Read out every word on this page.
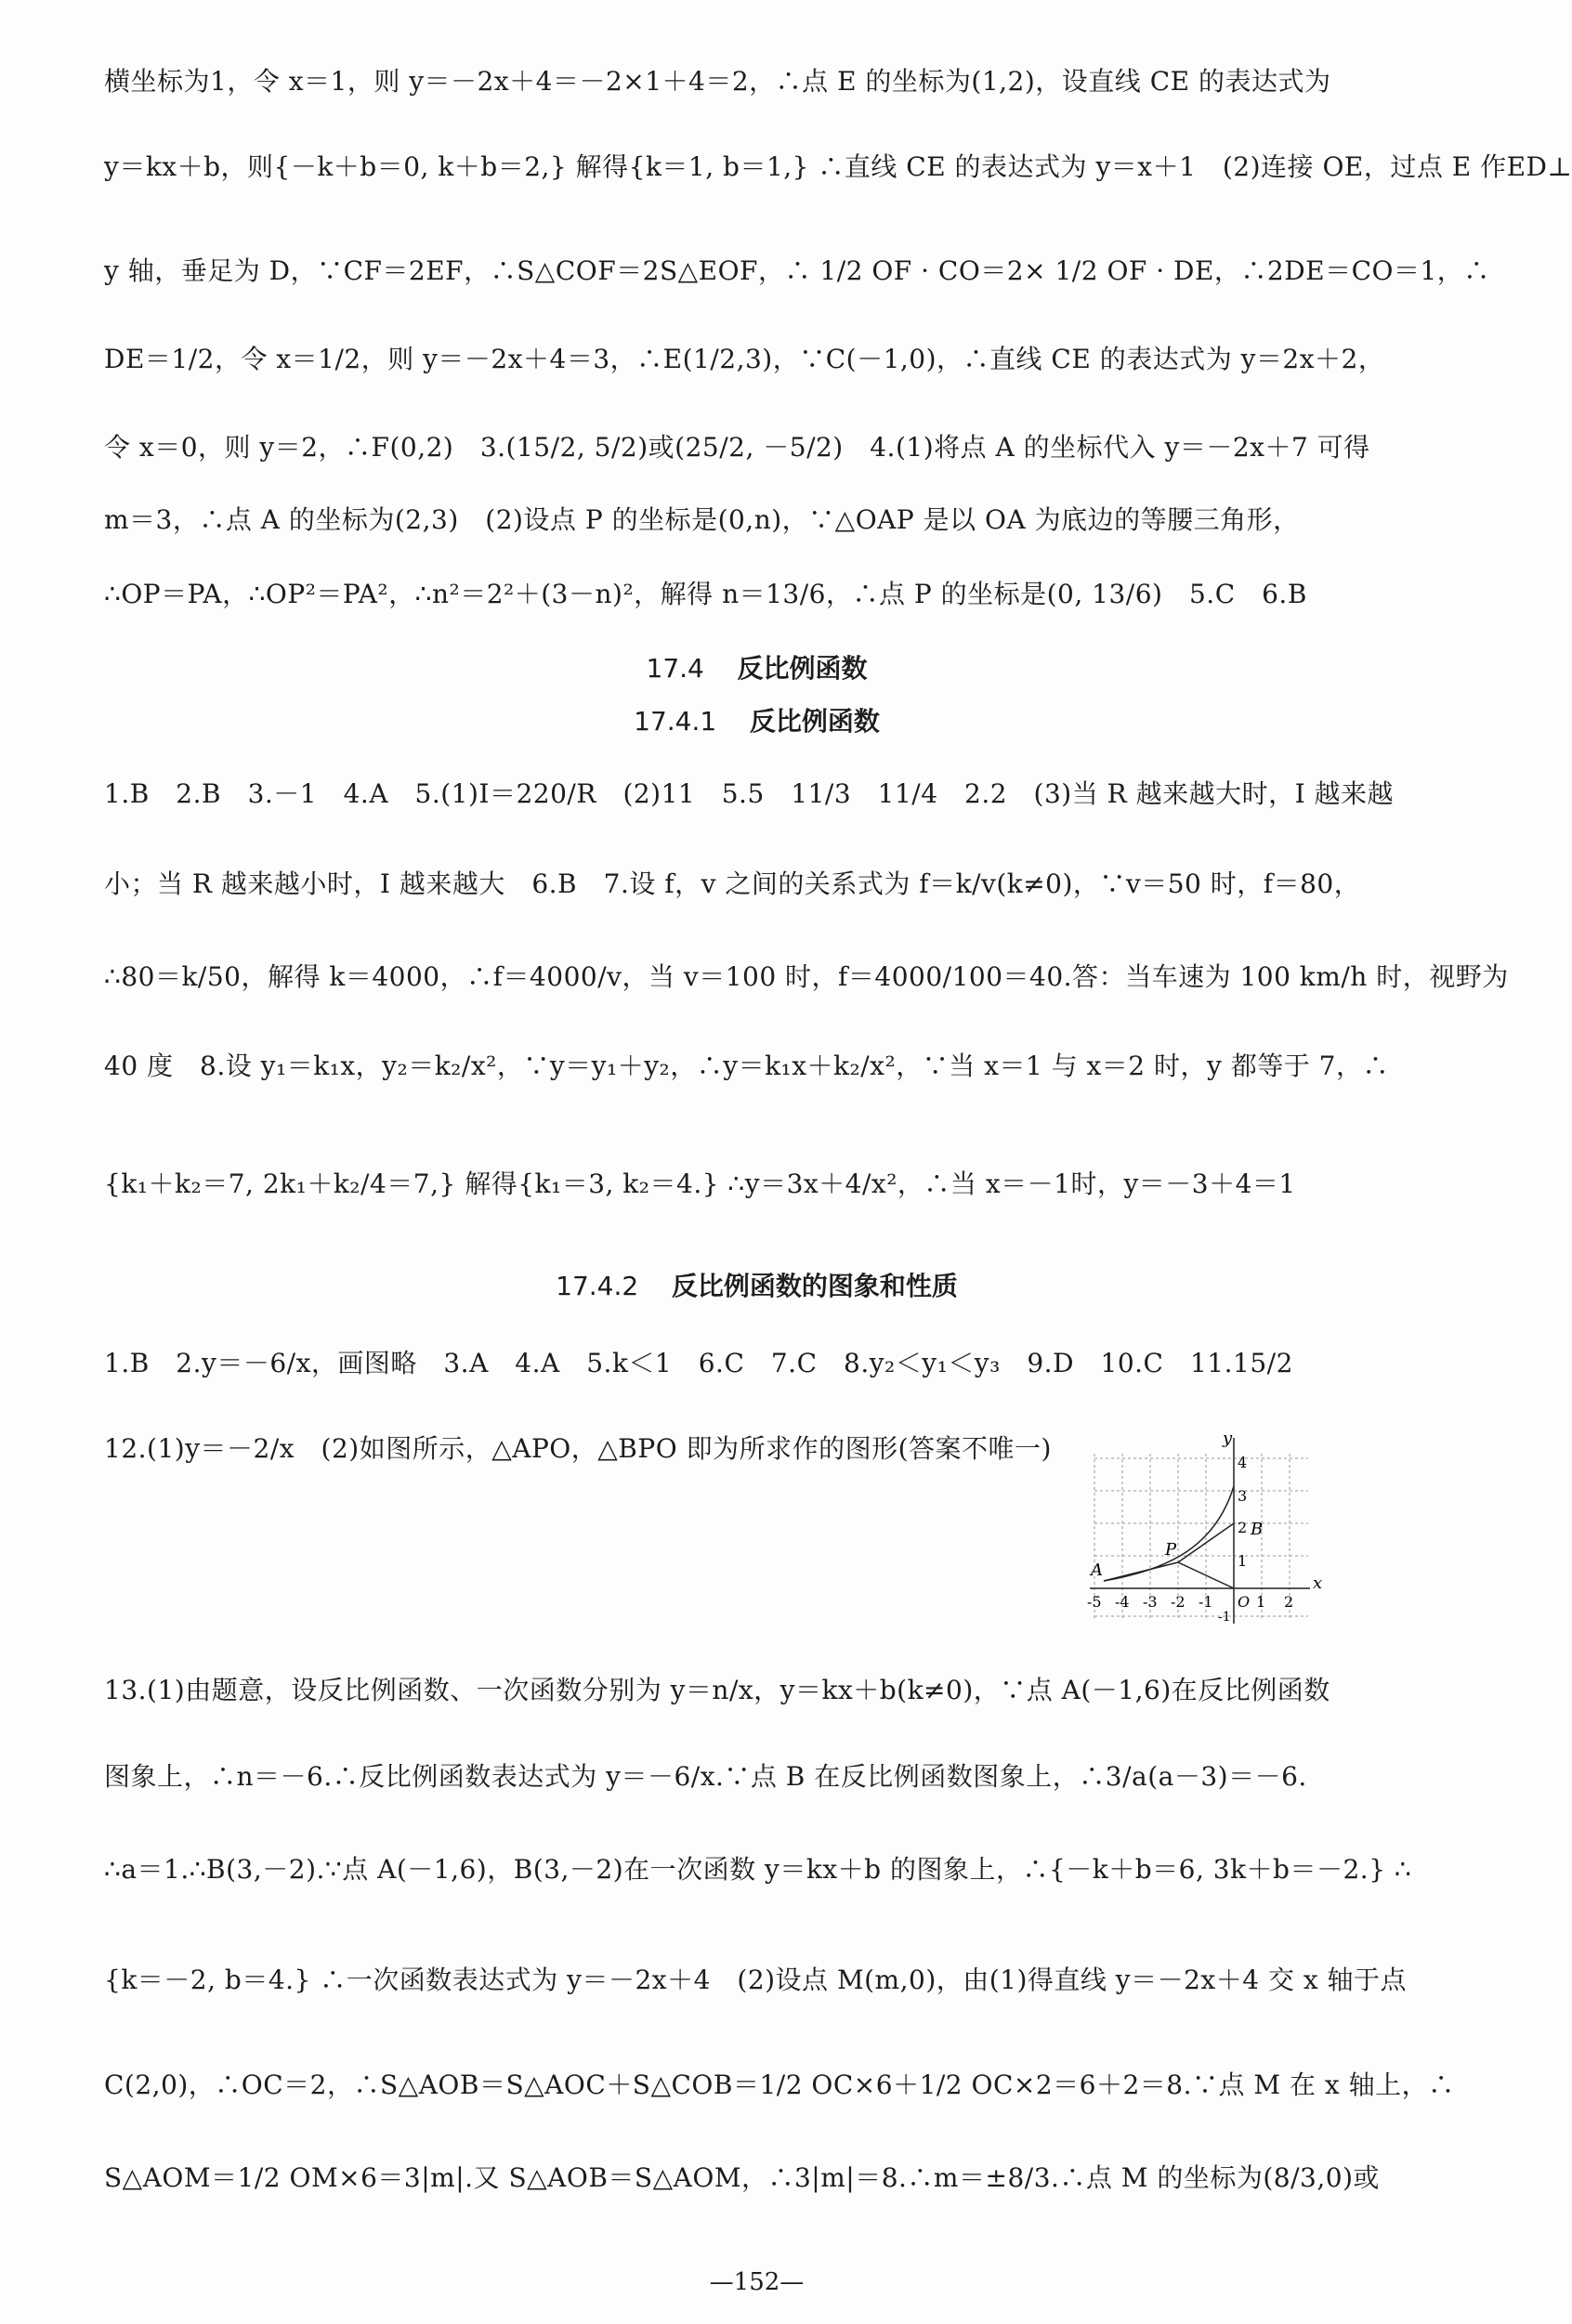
横坐标为1，令 x＝1，则 y＝－2x＋4＝－2×1＋4＝2，∴点 E 的坐标为(1,2)，设直线 CE 的表达式为
y＝kx＋b，则{－k＋b＝0, k＋b＝2,} 解得{k＝1, b＝1,} ∴直线 CE 的表达式为 y＝x＋1　(2)连接 OE，过点 E 作ED⊥
y 轴，垂足为 D，∵CF＝2EF，∴S△COF＝2S△EOF，∴ 1/2 OF · CO＝2× 1/2 OF · DE，∴2DE＝CO＝1，∴
DE＝1/2，令 x＝1/2，则 y＝－2x＋4＝3，∴E(1/2,3)，∵C(－1,0)，∴直线 CE 的表达式为 y＝2x＋2，
令 x＝0，则 y＝2，∴F(0,2)　3.(15/2, 5/2)或(25/2, －5/2)　4.(1)将点 A 的坐标代入 y＝－2x＋7 可得
m＝3，∴点 A 的坐标为(2,3)　(2)设点 P 的坐标是(0,n)，∵△OAP 是以 OA 为底边的等腰三角形，
∴OP＝PA，∴OP²＝PA²，∴n²＝2²＋(3－n)²，解得 n＝13/6，∴点 P 的坐标是(0, 13/6)　5.C　6.B
17.4 反比例函数
17.4.1 反比例函数
1.B　2.B　3.－1　4.A　5.(1)I＝220/R　(2)11　5.5　11/3　11/4　2.2　(3)当 R 越来越大时，I 越来越
小；当 R 越来越小时，I 越来越大　6.B　7.设 f，v 之间的关系式为 f＝k/v(k≠0)，∵v＝50 时，f＝80，
∴80＝k/50，解得 k＝4000，∴f＝4000/v，当 v＝100 时，f＝4000/100＝40.答：当车速为 100 km/h 时，视野为
40 度　8.设 y₁＝k₁x，y₂＝k₂/x²，∵y＝y₁＋y₂，∴y＝k₁x＋k₂/x²，∵当 x＝1 与 x＝2 时，y 都等于 7，∴
{k₁＋k₂＝7, 2k₁＋k₂/4＝7,} 解得{k₁＝3, k₂＝4.} ∴y＝3x＋4/x²，∴当 x＝－1时，y＝－3＋4＝1
17.4.2 反比例函数的图象和性质
1.B　2.y＝－6/x，画图略　3.A　4.A　5.k＜1　6.C　7.C　8.y₂＜y₁＜y₃　9.D　10.C　11.15/2
12.(1)y＝－2/x　(2)如图所示，△APO，△BPO 即为所求作的图形(答案不唯一)
x
y
O
-5 -4 -3 -2 -1	1 2
1
2
3
4
-1
A
P
B
13.(1)由题意，设反比例函数、一次函数分别为 y＝n/x，y＝kx＋b(k≠0)，∵点 A(－1,6)在反比例函数
图象上，∴n＝－6.∴反比例函数表达式为 y＝－6/x.∵点 B 在反比例函数图象上，∴3/a(a－3)＝－6.
∴a＝1.∴B(3,－2).∵点 A(－1,6)，B(3,－2)在一次函数 y＝kx＋b 的图象上，∴{－k＋b＝6, 3k＋b＝－2.} ∴
{k＝－2, b＝4.} ∴一次函数表达式为 y＝－2x＋4　(2)设点 M(m,0)，由(1)得直线 y＝－2x＋4 交 x 轴于点
C(2,0)，∴OC＝2，∴S△AOB＝S△AOC＋S△COB＝1/2 OC×6＋1/2 OC×2＝6＋2＝8.∵点 M 在 x 轴上，∴
S△AOM＝1/2 OM×6＝3|m|.又 S△AOB＝S△AOM，∴3|m|＝8.∴m＝±8/3.∴点 M 的坐标为(8/3,0)或
—152—
